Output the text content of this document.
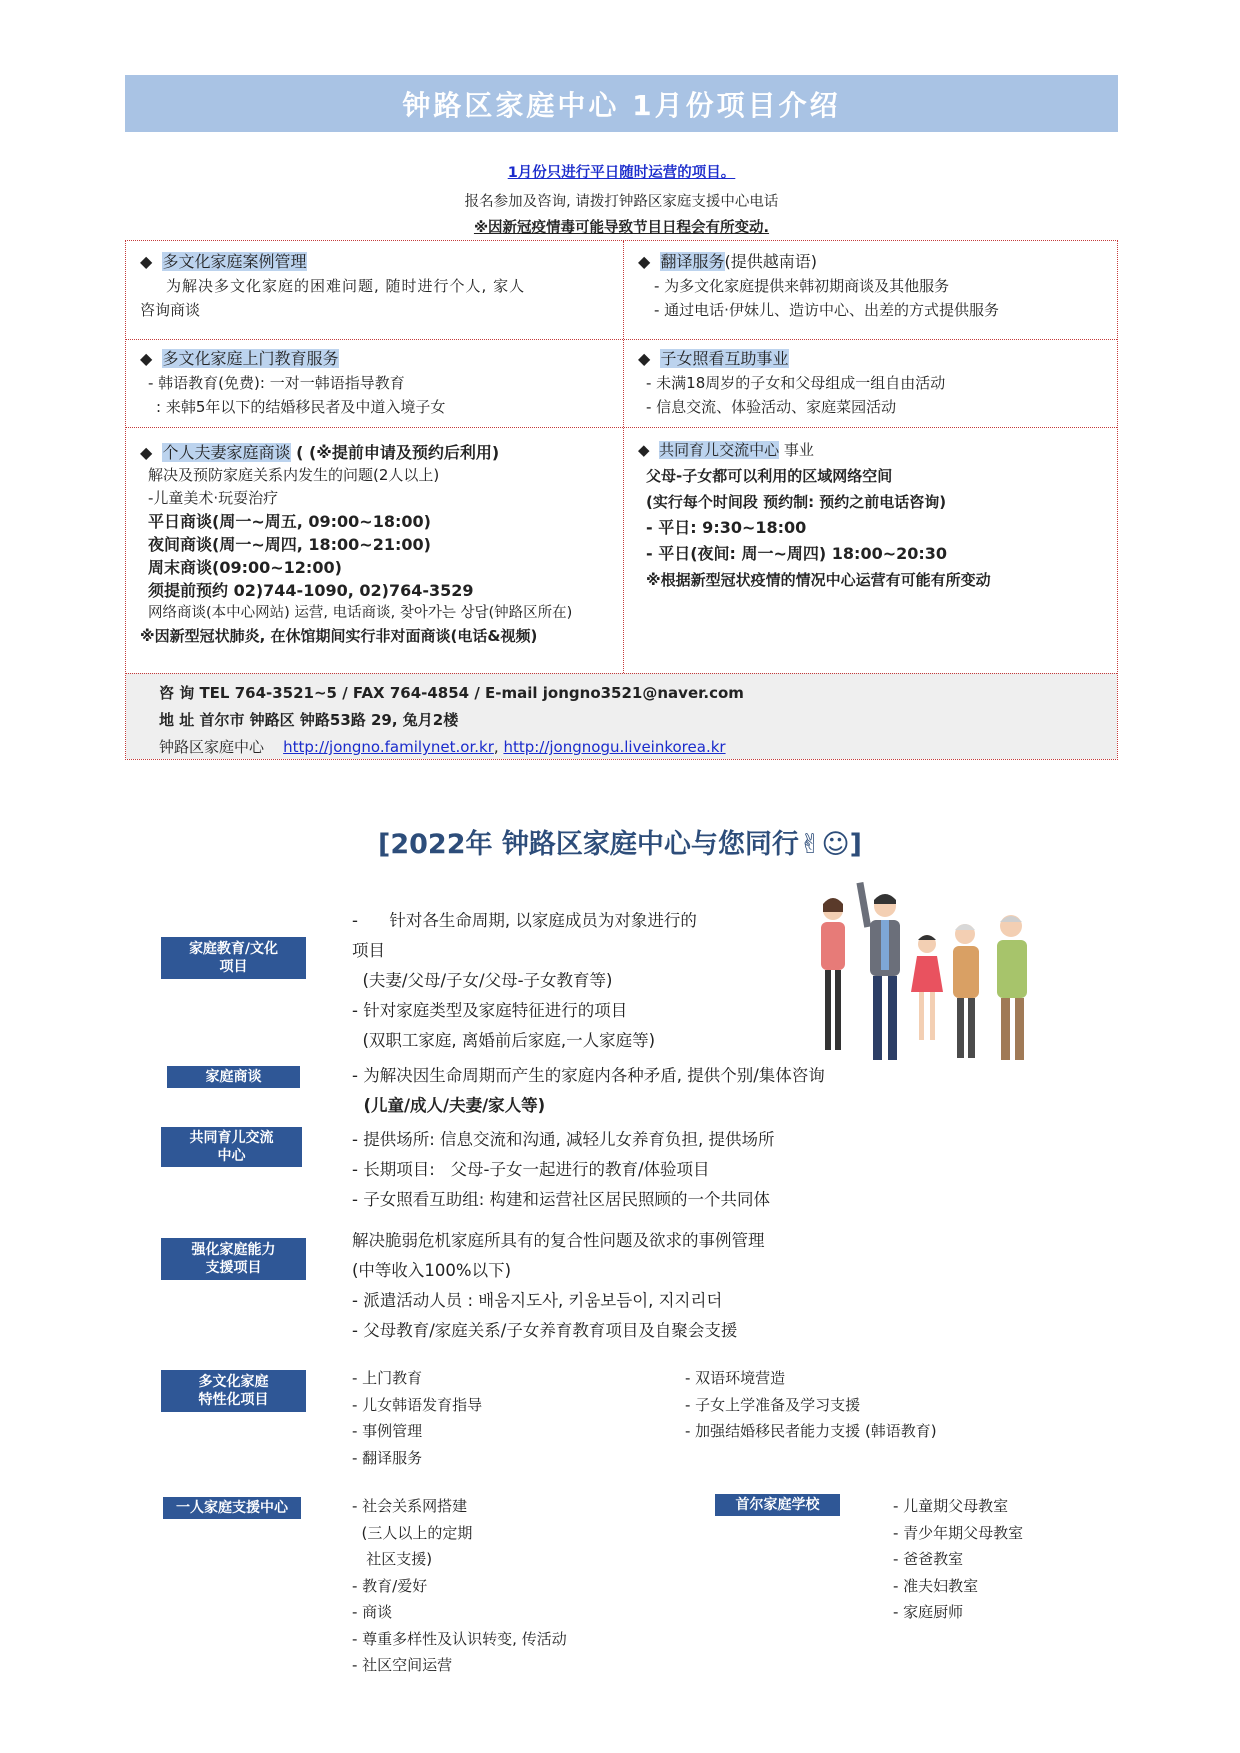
钟路区家庭中心 1月份项目介绍
1月份只进行平日随时运营的项目。
报名参加及咨询, 请拨打钟路区家庭支援中心电话
※因新冠疫情毒可能导致节目日程会有所变动.
◆ 多文化家庭案例管理
为解决多文化家庭的困难问题, 随时进行个人, 家人
咨询商谈
◆ 翻译服务(提供越南语)
- 为多文化家庭提供来韩初期商谈及其他服务
- 通过电话·伊妹儿、造访中心、出差的方式提供服务
◆ 多文化家庭上门教育服务
- 韩语教育(免费): 一对一韩语指导教育
: 来韩5年以下的结婚移民者及中道入境子女
◆ 子女照看互助事业
- 未满18周岁的子女和父母组成一组自由活动
- 信息交流、体验活动、家庭菜园活动
◆ 个人夫妻家庭商谈 ( (※提前申请及预约后利用)
解决及预防家庭关系内发生的问题(2人以上)
-儿童美术·玩耍治疗
平日商谈(周一~周五, 09:00~18:00)
夜间商谈(周一~周四, 18:00~21:00)
周末商谈(09:00~12:00)
须提前预约 02)744-1090, 02)764-3529
网络商谈(本中心网站) 运营, 电话商谈, 찾아가는 상담(钟路区所在)
※因新型冠状肺炎, 在休馆期间实行非对面商谈(电话&视频)
◆ 共同育儿交流中心 事业
父母-子女都可以利用的区域网络空间
(实行每个时间段 预约制: 预约之前电话咨询)
- 平日: 9:30~18:00
- 平日(夜间: 周一~周四) 18:00~20:30
※根据新型冠状疫情的情况中心运营有可能有所变动
咨 询 TEL 764-3521~5 / FAX 764-4854 / E-mail jongno3521@naver.com
地 址 首尔市 钟路区 钟路53路 29, 兔月2楼
钟路区家庭中心 http://jongno.familynet.or.kr, http://jongnogu.liveinkorea.kr
[2022年 钟路区家庭中心与您同行✌☺]
家庭教育/文化
项目
-      针对各生命周期, 以家庭成员为对象进行的
项目
(夫妻/父母/子女/父母-子女教育等)
- 针对家庭类型及家庭特征进行的项目
(双职工家庭, 离婚前后家庭,一人家庭等)
家庭商谈	- 为解决因生命周期而产生的家庭内各种矛盾, 提供个别/集体咨询
(儿童/成人/夫妻/家人等)
共同育儿交流
中心
- 提供场所: 信息交流和沟通, 减轻儿女养育负担, 提供场所
- 长期项目:   父母-子女一起进行的教育/体验项目
- 子女照看互助组: 构建和运营社区居民照顾的一个共同体
强化家庭能力
支援项目
解决脆弱危机家庭所具有的复合性问题及欲求的事例管理
(中等收入100%以下)
- 派遣活动人员 : 배움지도사, 키움보듬이, 지지리더
- 父母教育/家庭关系/子女养育教育项目及自聚会支援
多文化家庭
特性化项目
- 上门教育
- 儿女韩语发育指导
- 事例管理
- 翻译服务
- 双语环境营造
- 子女上学准备及学习支援
- 加强结婚移民者能力支援 (韩语教育)
一人家庭支援中心	- 社会关系网搭建
(三人以上的定期
社区支援)
- 教育/爱好
- 商谈
- 尊重多样性及认识转变, 传活动
- 社区空间运营
首尔家庭学校	- 儿童期父母教室
- 青少年期父母教室
- 爸爸教室
- 准夫妇教室
- 家庭厨师
